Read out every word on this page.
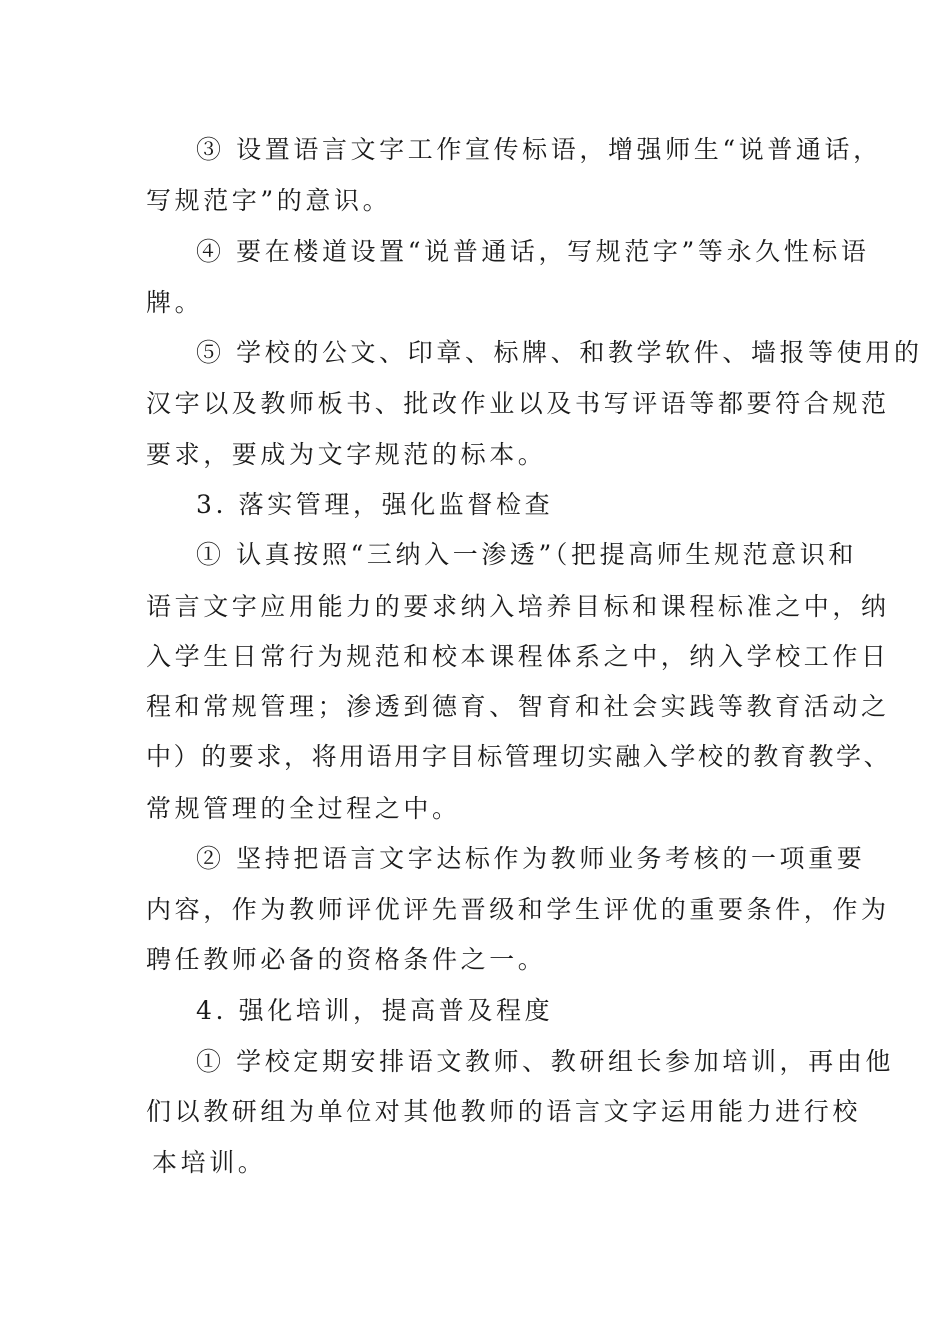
③ 设置语言文字工作宣传标语，增强师生“说普通话，
写规范字”的意识。
④ 要在楼道设置“说普通话，写规范字”等永久性标语
牌。
⑤ 学校的公文、印章、标牌、和教学软件、墙报等使用的
汉字以及教师板书、批改作业以及书写评语等都要符合规范
要求，要成为文字规范的标本。
3. 落实管理，强化监督检查
① 认真按照“三纳入一渗透”（把提高师生规范意识和
语言文字应用能力的要求纳入培养目标和课程标准之中，纳
入学生日常行为规范和校本课程体系之中，纳入学校工作日
程和常规管理；渗透到德育、智育和社会实践等教育活动之
中）的要求，将用语用字目标管理切实融入学校的教育教学、
常规管理的全过程之中。
② 坚持把语言文字达标作为教师业务考核的一项重要
内容，作为教师评优评先晋级和学生评优的重要条件，作为
聘任教师必备的资格条件之一。
4. 强化培训，提高普及程度
① 学校定期安排语文教师、教研组长参加培训，再由他
们以教研组为单位对其他教师的语言文字运用能力进行校
本培训。
